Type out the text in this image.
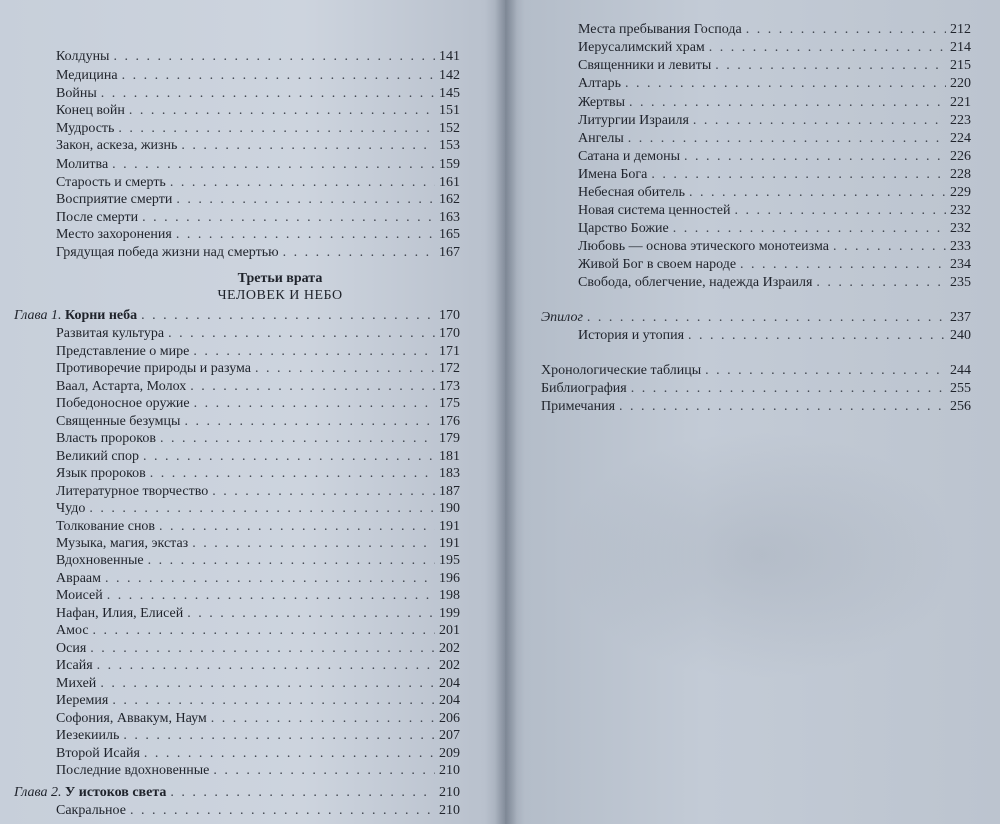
Колдуны . . .	141
Медицина . . .	142
Войны . . .	145
Конец войн . . .	151
Мудрость . . .	152
Закон, аскеза, жизнь . . .	153
Молитва . . .	159
Старость и смерть . . .	161
Восприятие смерти . . .	162
После смерти . . .	163
Место захоронения . . .	165
Грядущая победа жизни над смертью . . .	167
Третьи врата
ЧЕЛОВЕК И НЕБО
Глава 1. Корни неба . . .	170
Развитая культура . . .	170
Представление о мире . . .	171
Противоречие природы и разума . . .	172
Ваал, Астарта, Молох . . .	173
Победоносное оружие . . .	175
Священные безумцы . . .	176
Власть пророков . . .	179
Великий спор . . .	181
Язык пророков . . .	183
Литературное творчество . . .	187
Чудо . . .	190
Толкование снов . . .	191
Музыка, магия, экстаз . . .	191
Вдохновенные . . .	195
Авраам . . .	196
Моисей . . .	198
Нафан, Илия, Елисей . . .	199
Амос . . .	201
Осия . . .	202
Исайя . . .	202
Михей . . .	204
Иеремия . . .	204
Софония, Аввакум, Наум . . .	206
Иезекииль . . .	207
Второй Исайя . . .	209
Последние вдохновенные . . .	210
Глава 2. У истоков света . . .	210
Сакральное . . .	210
Места пребывания Господа . . .	212
Иерусалимский храм . . .	214
Священники и левиты . . .	215
Алтарь . . .	220
Жертвы . . .	221
Литургии Израиля . . .	223
Ангелы . . .	224
Сатана и демоны . . .	226
Имена Бога . . .	228
Небесная обитель . . .	229
Новая система ценностей . . .	232
Царство Божие . . .	232
Любовь — основа этического монотеизма . . .	233
Живой Бог в своем народе . . .	234
Свобода, облегчение, надежда Израиля . . .	235
Эпилог . . .	237
История и утопия . . .	240
Хронологические таблицы . . .	244
Библиография . . .	255
Примечания . . .	256
